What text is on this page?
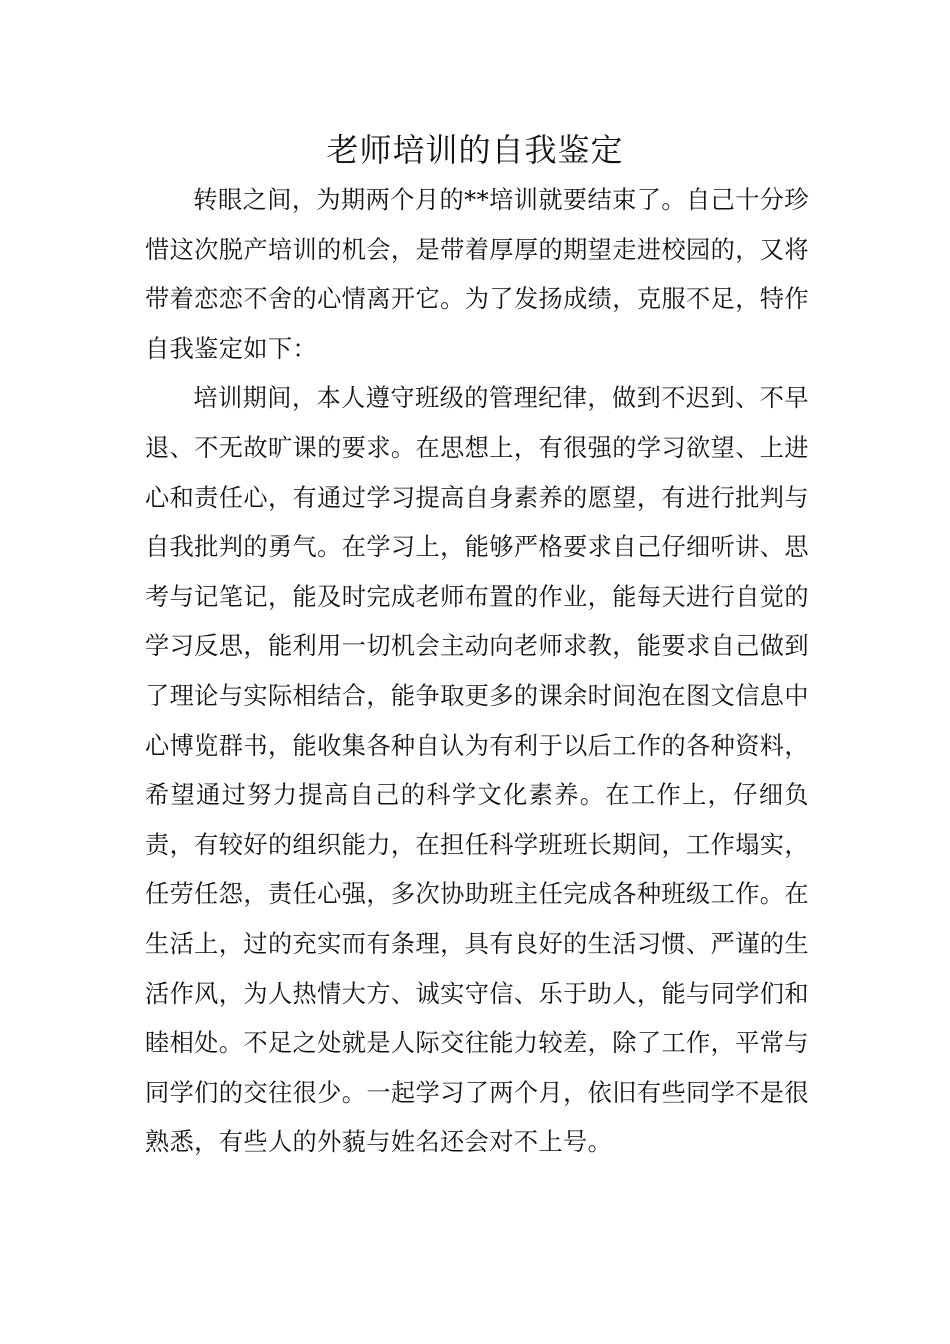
老师培训的自我鉴定

转眼之间，为期两个月的**培训就要结束了。自己十分珍惜这次脱产培训的机会，是带着厚厚的期望走进校园的，又将带着恋恋不舍的心情离开它。为了发扬成绩，克服不足，特作自我鉴定如下：

培训期间，本人遵守班级的管理纪律，做到不迟到、不早退、不无故旷课的要求。在思想上，有很强的学习欲望、上进心和责任心，有通过学习提高自身素养的愿望，有进行批判与自我批判的勇气。在学习上，能够严格要求自己仔细听讲、思考与记笔记，能及时完成老师布置的作业，能每天进行自觉的学习反思，能利用一切机会主动向老师求教，能要求自己做到了理论与实际相结合，能争取更多的课余时间泡在图文信息中心博览群书，能收集各种自认为有利于以后工作的各种资料，希望通过努力提高自己的科学文化素养。在工作上，仔细负责，有较好的组织能力，在担任科学班班长期间，工作塌实，任劳任怨，责任心强，多次协助班主任完成各种班级工作。在生活上，过的充实而有条理，具有良好的生活习惯、严谨的生活作风，为人热情大方、诚实守信、乐于助人，能与同学们和睦相处。不足之处就是人际交往能力较差，除了工作，平常与同学们的交往很少。一起学习了两个月，依旧有些同学不是很熟悉，有些人的外藐与姓名还会对不上号。
